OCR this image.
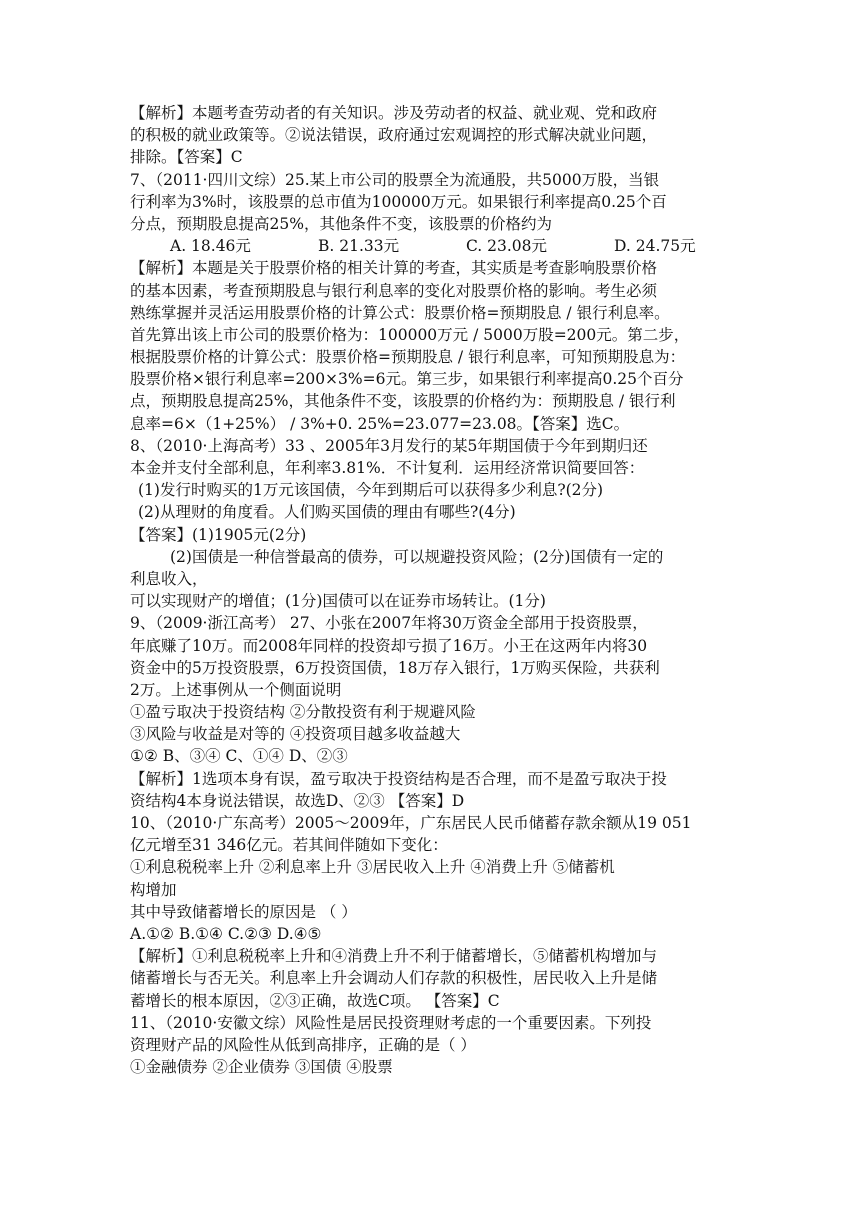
【解析】本题考查劳动者的有关知识。涉及劳动者的权益、就业观、党和政府
的积极的就业政策等。②说法错误，政府通过宏观调控的形式解决就业问题，
排除。【答案】C
7、（2011·四川文综）25.某上市公司的股票全为流通股，共5000万股，当银
行利率为3%时，该股票的总市值为100000万元。如果银行利率提高0.25个百
分点，预期股息提高25%，其他条件不变，该股票的价格约为
A. 18.46元	B. 21.33元	C. 23.08元	D. 24.75元
【解析】本题是关于股票价格的相关计算的考查，其实质是考查影响股票价格
的基本因素，考查预期股息与银行利息率的变化对股票价格的影响。考生必须
熟练掌握并灵活运用股票价格的计算公式：股票价格=预期股息 / 银行利息率。
首先算出该上市公司的股票价格为：100000万元 / 5000万股=200元。第二步，
根据股票价格的计算公式：股票价格=预期股息 / 银行利息率，可知预期股息为：
股票价格×银行利息率=200×3%=6元。第三步，如果银行利率提高0.25个百分
点，预期股息提高25%，其他条件不变，该股票的价格约为：预期股息 / 银行利
息率=6×（1+25%） / 3%+0. 25%=23.077=23.08。【答案】选C。
8、（2010·上海高考）33 、2005年3月发行的某5年期国债于今年到期归还
本金并支付全部利息，年利率3.81%．不计复利．运用经济常识简要回答：
(1)发行时购买的1万元该国债，今年到期后可以获得多少利息?(2分)
(2)从理财的角度看。人们购买国债的理由有哪些?(4分)
【答案】(1)1905元(2分)
(2)国债是一种信誉最高的债券，可以规避投资风险；(2分)国债有一定的
利息收入，
可以实现财产的增值；(1分)国债可以在证券市场转让。(1分)
9、（2009·浙江高考） 27、小张在2007年将30万资金全部用于投资股票，
年底赚了10万。而2008年同样的投资却亏损了16万。小王在这两年内将30
资金中的5万投资股票，6万投资国债，18万存入银行，1万购买保险，共获利
2万。上述事例从一个侧面说明
①盈亏取决于投资结构 ②分散投资有利于规避风险
③风险与收益是对等的 ④投资项目越多收益越大
①② B、③④ C、①④ D、②③
【解析】1选项本身有误，盈亏取决于投资结构是否合理，而不是盈亏取决于投
资结构4本身说法错误，故选D、②③ 【答案】D
10、（2010·广东高考）2005～2009年，广东居民人民币储蓄存款余额从19 051
亿元增至31 346亿元。若其间伴随如下变化：
①利息税税率上升 ②利息率上升 ③居民收入上升 ④消费上升 ⑤储蓄机
构增加
其中导致储蓄增长的原因是 （ ）
A.①② B.①④ C.②③ D.④⑤
【解析】①利息税税率上升和④消费上升不利于储蓄增长，⑤储蓄机构增加与
储蓄增长与否无关。利息率上升会调动人们存款的积极性，居民收入上升是储
蓄增长的根本原因，②③正确，故选C项。 【答案】C
11、（2010·安徽文综）风险性是居民投资理财考虑的一个重要因素。下列投
资理财产品的风险性从低到高排序，正确的是（ ）
①金融债券 ②企业债券 ③国债 ④股票
